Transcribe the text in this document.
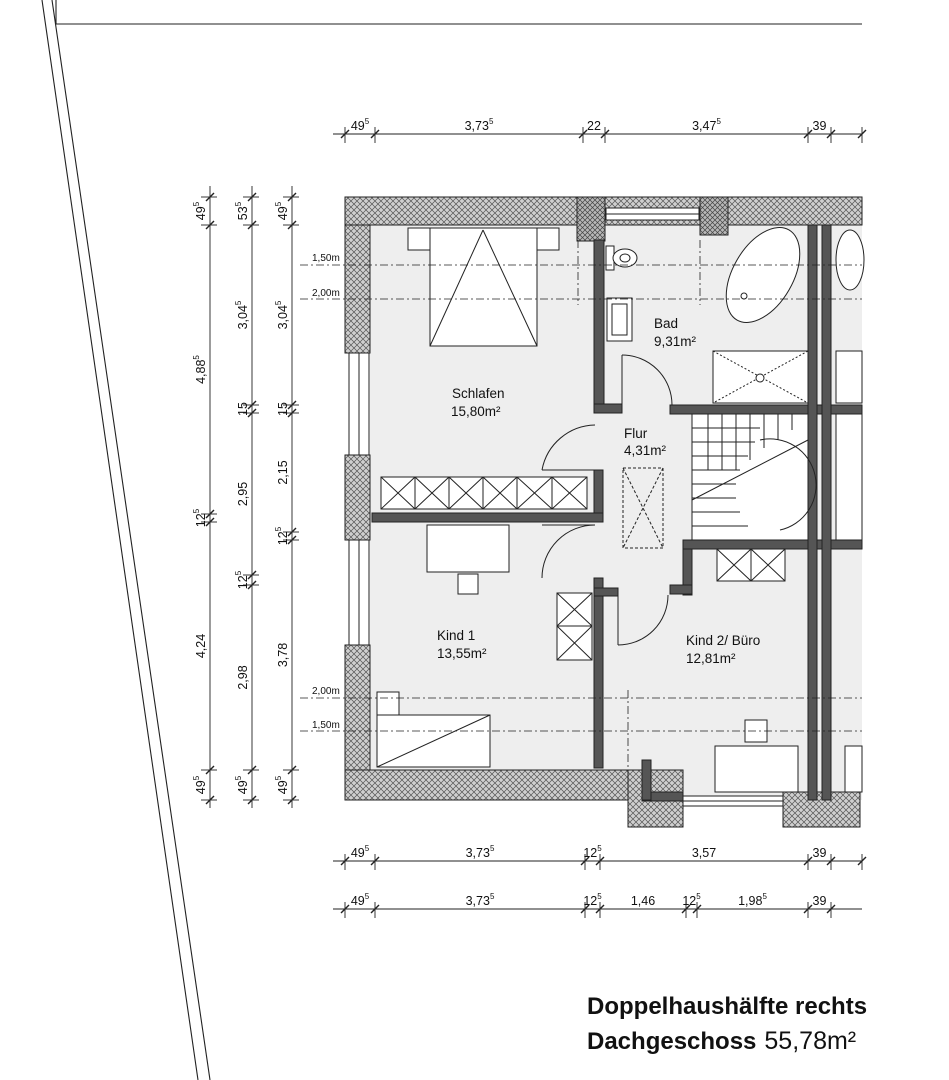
1,50m
2,00m
2,00m
1,50m
Schlafen
15,80m²
Bad
9,31m²
Flur
4,31m²
Kind 1
13,55m²
Kind 2/ Büro
12,81m²
$49^5$	3,73$^5$	22	3,47$^5$	39
$49^5$	3,73$^5$	$12^5$	3,57	39
$49^5$	3,73$^5$	$12^5$ 1,46 $12^5$	1,98$^5$	39
$49^5$
4,88$^5$
$12^5$
4,24
$49^5$
$53^5$
3,04$^5$
15
2,95
$12^5$
2,98
$49^5$
$49^5$
3,04$^5$
15
2,15
$12^5$
3,78
$49^5$
Doppelhaushälfte rechts
Dachgeschoss 55,78m²
